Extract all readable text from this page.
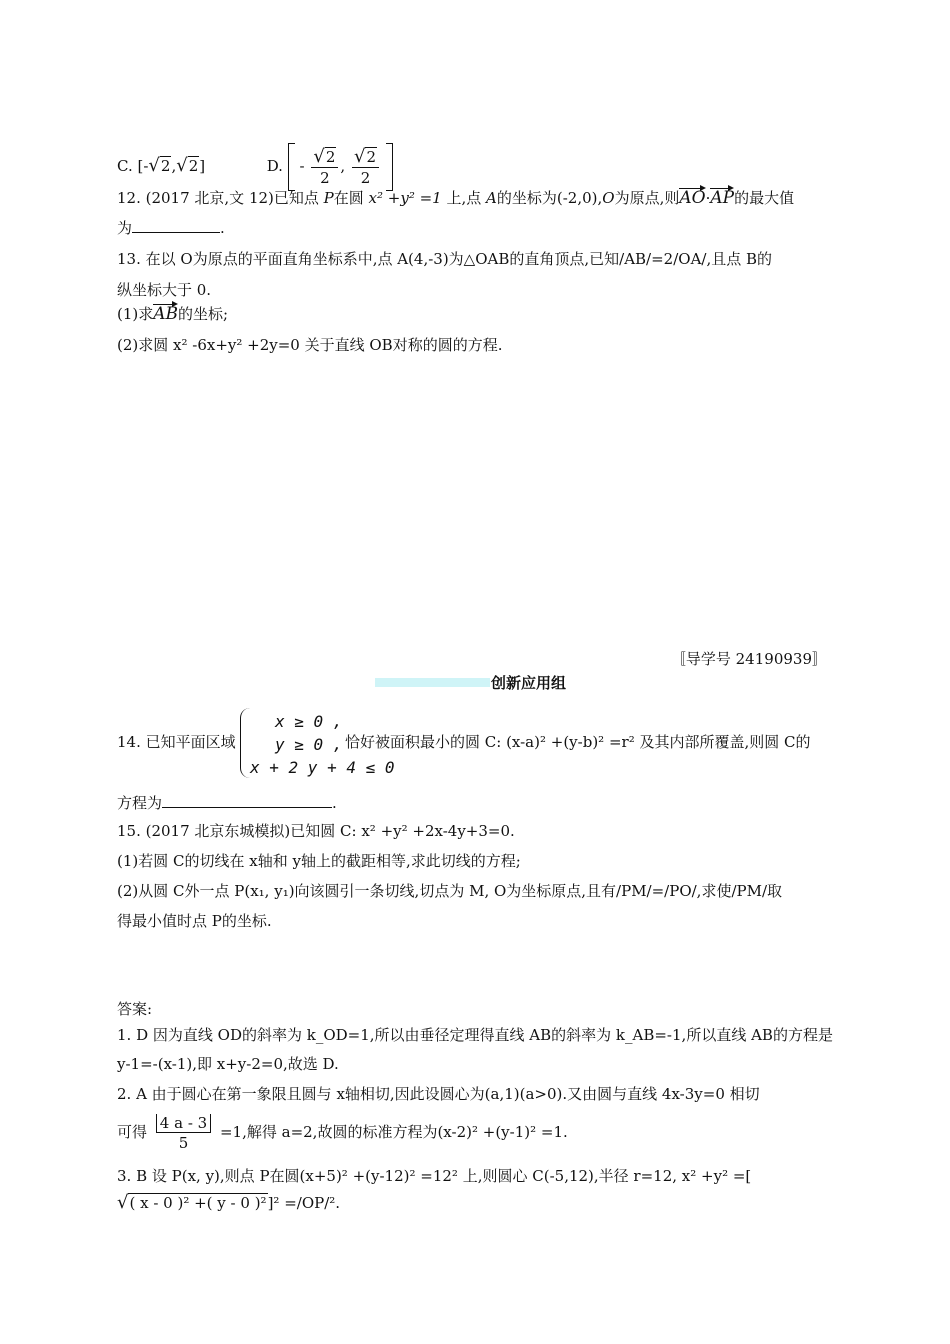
C. [-√2,√2]	D. - $\frac{√2}{2}$ , $\frac{√2}{2}$

12. (2017 北京,文 12)已知点 P在圆 x² +y² =1 上,点 A的坐标为(-2,0),O为原点,则AO·AP的最大值
为	.
13. 在以 O为原点的平面直角坐标系中,点 A(4,-3)为△OAB的直角顶点,已知/AB/=2/OA/,且点 B的
纵坐标大于 0.
(1)求AB的坐标;
(2)求圆 x² -6x+y² +2y=0 关于直线 OB对称的圆的方程.
〚导学号 24190939〛
创新应用组
14. 已知平面区域
x ≥ 0 ,
y ≥ 0 ,
x + 2 y + 4 ≤ 0
恰好被面积最小的圆 C: (x-a)² +(y-b)² =r² 及其内部所覆盖,则圆 C的
方程为	.
15. (2017 北京东城模拟)已知圆 C: x² +y² +2x-4y+3=0.
(1)若圆 C的切线在 x轴和 y轴上的截距相等,求此切线的方程;
(2)从圆 C外一点 P(x₁, y₁)向该圆引一条切线,切点为 M, O为坐标原点,且有/PM/=/PO/,求使/PM/取
得最小值时点 P的坐标.
答案:
1. D 因为直线 OD的斜率为 k_OD=1,所以由垂径定理得直线 AB的斜率为 k_AB=-1,所以直线 AB的方程是
y-1=-(x-1),即 x+y-2=0,故选 D.
2. A 由于圆心在第一象限且圆与 x轴相切,因此设圆心为(a,1)(a>0).又由圆与直线 4x-3y=0 相切
可得 4 a - 3
5
=1,解得 a=2,故圆的标准方程为(x-2)² +(y-1)² =1.
3. B 设 P(x, y),则点 P在圆(x+5)² +(y-12)² =12² 上,则圆心 C(-5,12),半径 r=12, x² +y² =[
√( x - 0 )² +( y - 0 )²]² =/OP/².
